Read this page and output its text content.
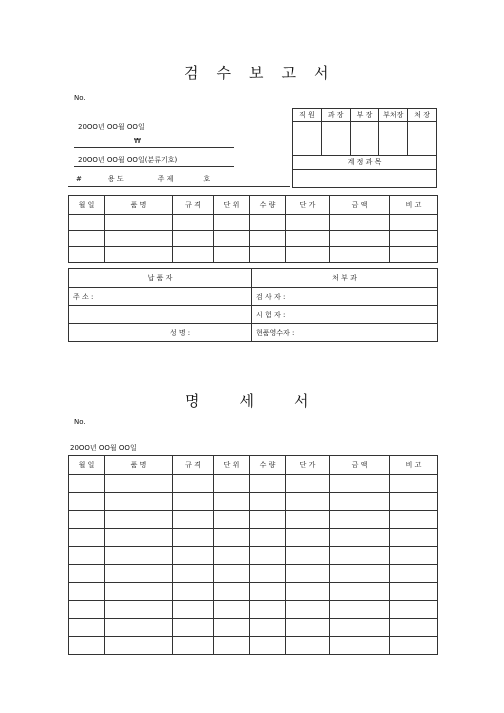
검 수 보 고 서
No.
20OO년 OO월 OO일
₩
20OO년 OO월 OO일(분류기호)
#	용 도	주 제	호
직 원	과 장	부 장	부처장	처 장

계 정 과 목				

월 일	품 명	규 격	단 위	수 량	단 가	금 액	비 고

납 품 자	처 부 과
주 소 :	검 사 자 :
	시 험 자 :
성 명 :	현품영수자 :
명	세	서
No.
20OO년 OO월 OO일
월 일	품 명	규 격	단 위	수 량	단 가	금 액	비 고
